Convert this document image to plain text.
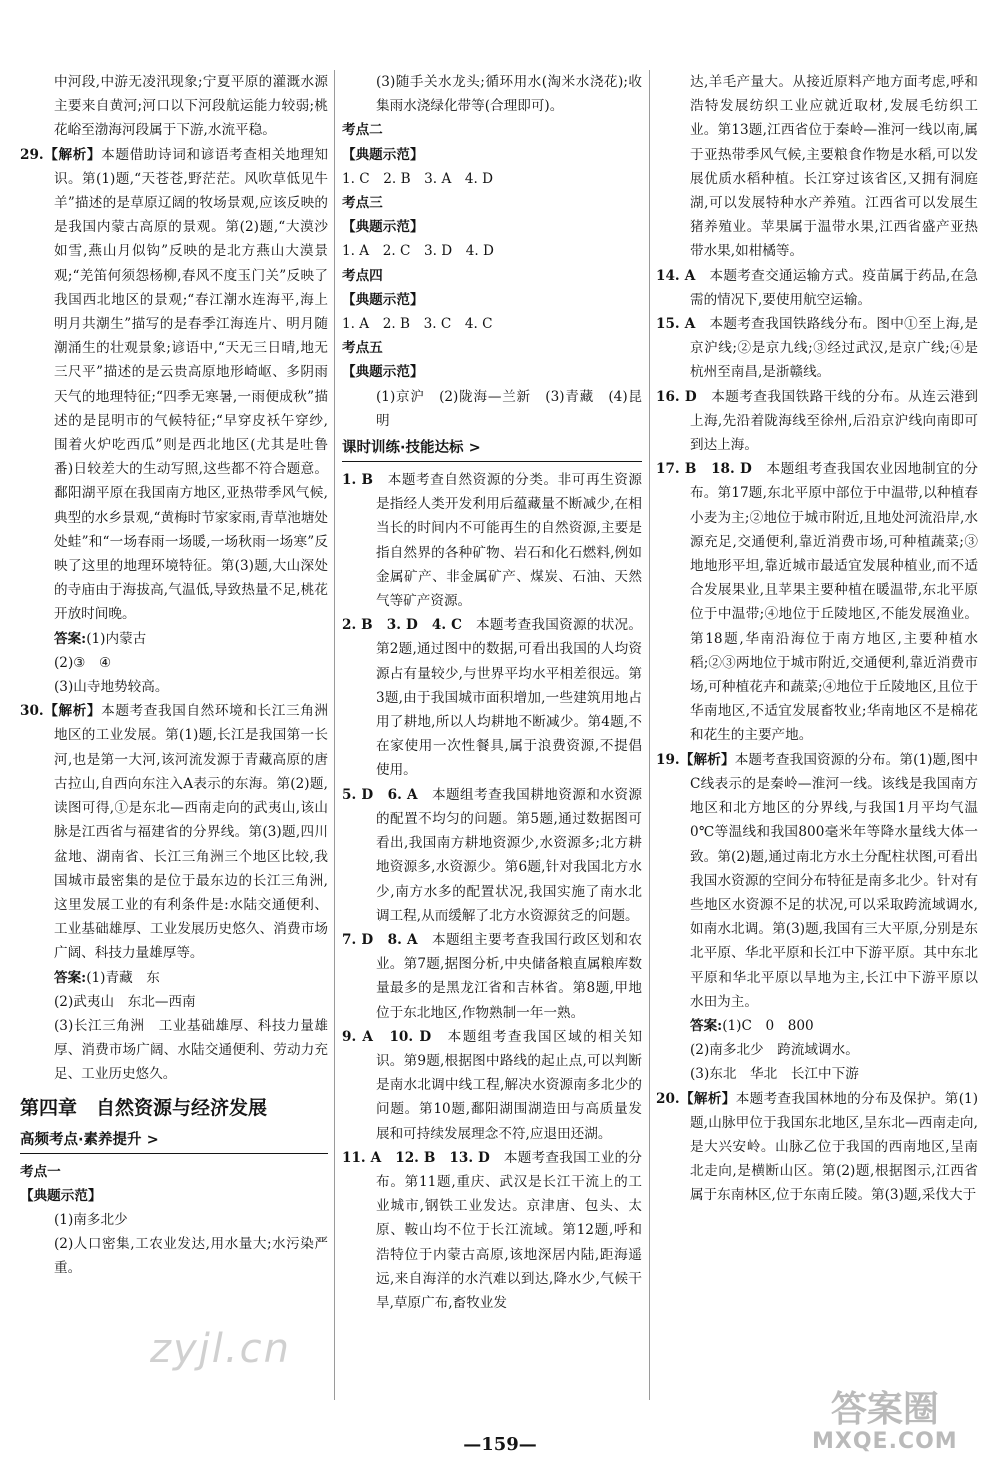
中河段,中游无凌汛现象;宁夏平原的灌溉水源主要来自黄河;河口以下河段航运能力较弱;桃花峪至渤海河段属于下游,水流平稳。

29.【解析】本题借助诗词和谚语考查相关地理知识。第(1)题,“天苍苍,野茫茫。风吹草低见牛羊”描述的是草原辽阔的牧场景观,应该反映的是我国内蒙古高原的景观。第(2)题,“大漠沙如雪,燕山月似钩”反映的是北方燕山大漠景观;“羌笛何须怨杨柳,春风不度玉门关”反映了我国西北地区的景观;“春江潮水连海平,海上明月共潮生”描写的是春季江海连片、明月随潮涌生的壮观景象;谚语中,“天无三日晴,地无三尺平”描述的是云贵高原地形崎岖、多阴雨天气的地理特征;“四季无寒暑,一雨便成秋”描述的是昆明市的气候特征;“早穿皮袄午穿纱,围着火炉吃西瓜”则是西北地区(尤其是吐鲁番)日较差大的生动写照,这些都不符合题意。鄱阳湖平原在我国南方地区,亚热带季风气候,典型的水乡景观,“黄梅时节家家雨,青草池塘处处蛙”和“一场春雨一场暖,一场秋雨一场寒”反映了这里的地理环境特征。第(3)题,大山深处的寺庙由于海拔高,气温低,导致热量不足,桃花开放时间晚。

答案:(1)内蒙古

(2)③　④

(3)山寺地势较高。

30.【解析】本题考查我国自然环境和长江三角洲地区的工业发展。第(1)题,长江是我国第一长河,也是第一大河,该河流发源于青藏高原的唐古拉山,自西向东注入A表示的东海。第(2)题,读图可得,①是东北—西南走向的武夷山,该山脉是江西省与福建省的分界线。第(3)题,四川盆地、湖南省、长江三角洲三个地区比较,我国城市最密集的是位于最东边的长江三角洲,这里发展工业的有利条件是:水陆交通便利、工业基础雄厚、工业发展历史悠久、消费市场广阔、科技力量雄厚等。

答案:(1)青藏　东

(2)武夷山　东北—西南

(3)长江三角洲　工业基础雄厚、科技力量雄厚、消费市场广阔、水陆交通便利、劳动力充足、工业历史悠久。

第四章　自然资源与经济发展
高频考点·素养提升 >

考点一

【典题示范】

(1)南多北少

(2)人口密集,工农业发达,用水量大;水污染严重。

(3)随手关水龙头;循环用水(淘米水浇花);收集雨水浇绿化带等(合理即可)。

考点二

【典题示范】

1. C　2. B　3. A　4. D

考点三

【典题示范】

1. A　2. C　3. D　4. D

考点四

【典题示范】

1. A　2. B　3. C　4. C

考点五

【典题示范】

(1)京沪　(2)陇海—兰新　(3)青藏　(4)昆明

课时训练·技能达标 >

1. B　 本题考查自然资源的分类。非可再生资源是指经人类开发利用后蕴藏量不断减少,在相当长的时间内不可能再生的自然资源,主要是指自然界的各种矿物、岩石和化石燃料,例如金属矿产、非金属矿产、煤炭、石油、天然气等矿产资源。

2. B　3. D　4. C　 本题考查我国资源的状况。第2题,通过图中的数据,可看出我国的人均资源占有量较少,与世界平均水平相差很远。第3题,由于我国城市面积增加,一些建筑用地占用了耕地,所以人均耕地不断减少。第4题,不在家使用一次性餐具,属于浪费资源,不提倡使用。

5. D　6. A　 本题组考查我国耕地资源和水资源的配置不均匀的问题。第5题,通过数据图可看出,我国南方耕地资源少,水资源多;北方耕地资源多,水资源少。第6题,针对我国北方水少,南方水多的配置状况,我国实施了南水北调工程,从而缓解了北方水资源贫乏的问题。

7. D　8. A　 本题组主要考查我国行政区划和农业。第7题,据图分析,中央储备粮直属粮库数量最多的是黑龙江省和吉林省。第8题,甲地位于东北地区,作物熟制一年一熟。

9. A　10. D　 本题组考查我国区域的相关知识。第9题,根据图中路线的起止点,可以判断是南水北调中线工程,解决水资源南多北少的问题。第10题,鄱阳湖围湖造田与高质量发展和可持续发展理念不符,应退田还湖。

11. A　12. B　13. D　 本题考查我国工业的分布。第11题,重庆、武汉是长江干流上的工业城市,钢铁工业发达。京津唐、包头、太原、鞍山均不位于长江流域。第12题,呼和浩特位于内蒙古高原,该地深居内陆,距海遥远,来自海洋的水汽难以到达,降水少,气候干旱,草原广布,畜牧业发

达,羊毛产量大。从接近原料产地方面考虑,呼和浩特发展纺织工业应就近取材,发展毛纺织工业。第13题,江西省位于秦岭—淮河一线以南,属于亚热带季风气候,主要粮食作物是水稻,可以发展优质水稻种植。长江穿过该省区,又拥有洞庭湖,可以发展特种水产养殖。江西省可以发展生猪养殖业。苹果属于温带水果,江西省盛产亚热带水果,如柑橘等。

14. A　 本题考查交通运输方式。疫苗属于药品,在急需的情况下,要使用航空运输。

15. A　 本题考查我国铁路线分布。图中①至上海,是京沪线;②是京九线;③经过武汉,是京广线;④是杭州至南昌,是浙赣线。

16. D　 本题考查我国铁路干线的分布。从连云港到上海,先沿着陇海线至徐州,后沿京沪线向南即可到达上海。

17. B　18. D　 本题组考查我国农业因地制宜的分布。第17题,东北平原中部位于中温带,以种植春小麦为主;②地位于城市附近,且地处河流沿岸,水源充足,交通便利,靠近消费市场,可种植蔬菜;③地地形平坦,靠近城市最适宜发展种植业,而不适合发展果业,且苹果主要种植在暖温带,东北平原位于中温带;④地位于丘陵地区,不能发展渔业。第18题,华南沿海位于南方地区,主要种植水稻;②③两地位于城市附近,交通便利,靠近消费市场,可种植花卉和蔬菜;④地位于丘陵地区,且位于华南地区,不适宜发展畜牧业;华南地区不是棉花和花生的主要产地。

19.【解析】本题考查我国资源的分布。第(1)题,图中C线表示的是秦岭—淮河一线。该线是我国南方地区和北方地区的分界线,与我国1月平均气温0℃等温线和我国800毫米年等降水量线大体一致。第(2)题,通过南北方水土分配柱状图,可看出我国水资源的空间分布特征是南多北少。针对有些地区水资源不足的状况,可以采取跨流域调水,如南水北调。第(3)题,我国有三大平原,分别是东北平原、华北平原和长江中下游平原。其中东北平原和华北平原以旱地为主,长江中下游平原以水田为主。

答案:(1)C　0　800

(2)南多北少　跨流域调水。

(3)东北　华北　长江中下游

20.【解析】本题考查我国林地的分布及保护。第(1)题,山脉甲位于我国东北地区,呈东北—西南走向,是大兴安岭。山脉乙位于我国的西南地区,呈南北走向,是横断山区。第(2)题,根据图示,江西省属于东南林区,位于东南丘陵。第(3)题,采伐大于

zyjl.cn
答案圈
MXQE.COM
—159—
